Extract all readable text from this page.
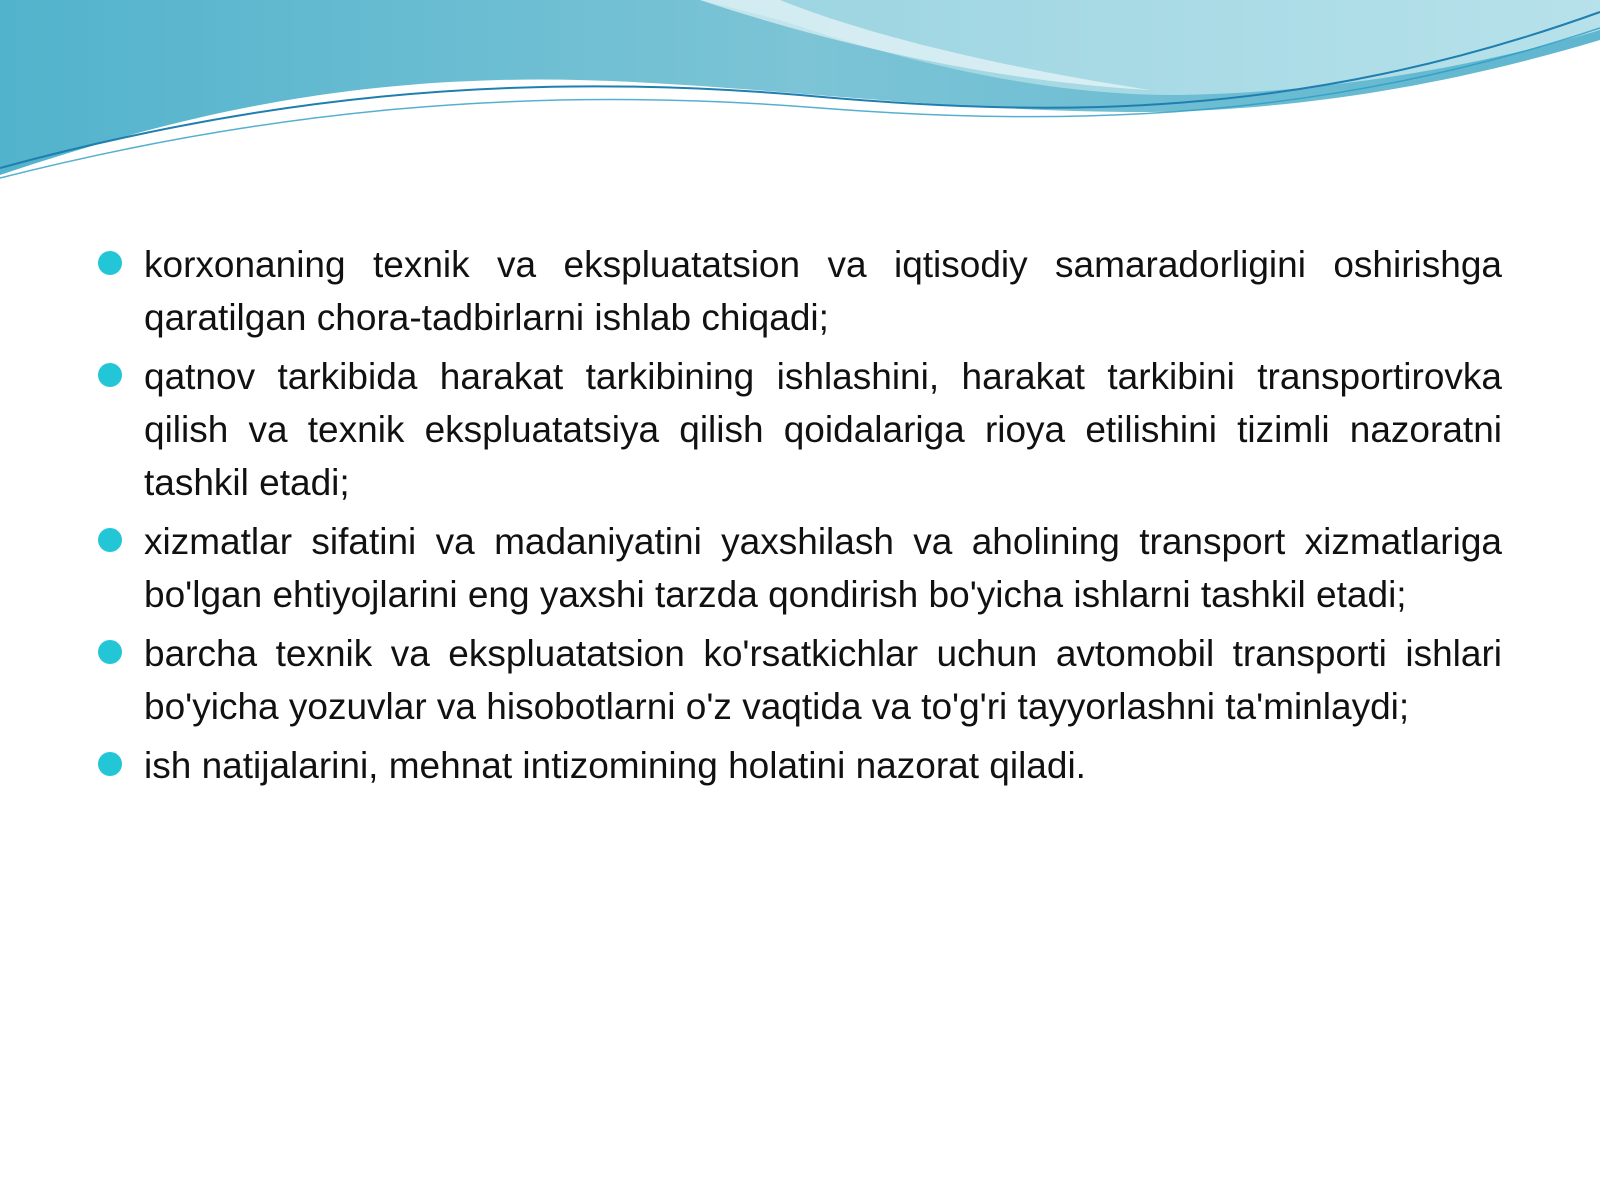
korxonaning texnik va ekspluatatsion va iqtisodiy samaradorligini oshirishga qaratilgan chora-tadbirlarni ishlab chiqadi;
qatnov tarkibida harakat tarkibining ishlashini, harakat tarkibini transportirovka qilish va texnik ekspluatatsiya qilish qoidalariga rioya etilishini tizimli nazoratni tashkil etadi;
xizmatlar sifatini va madaniyatini yaxshilash va aholining transport xizmatlariga bo'lgan ehtiyojlarini eng yaxshi tarzda qondirish bo'yicha ishlarni tashkil etadi;
barcha texnik va ekspluatatsion ko'rsatkichlar uchun avtomobil transporti ishlari bo'yicha yozuvlar va hisobotlarni o'z vaqtida va to'g'ri tayyorlashni ta'minlaydi;
ish natijalarini, mehnat intizomining holatini nazorat qiladi.
